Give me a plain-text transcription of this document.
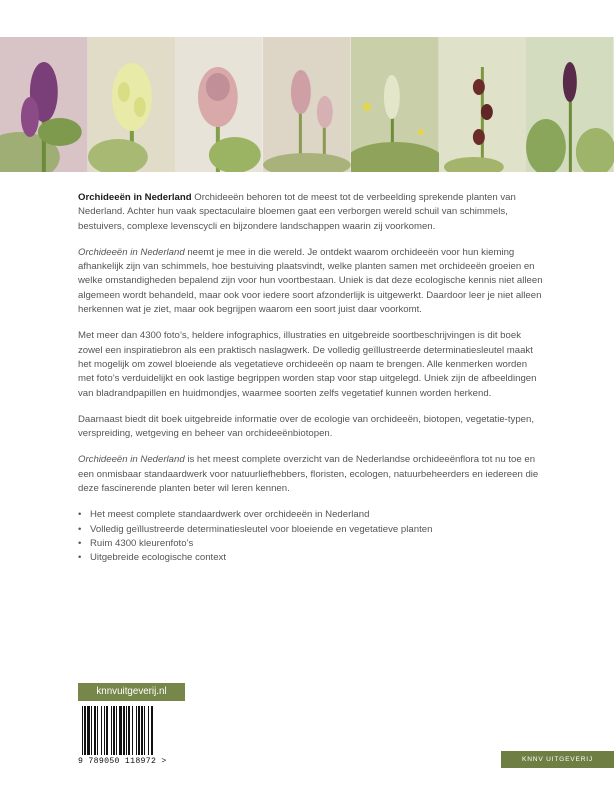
Orchideeën in Nederland Orchideeën behoren tot de meest tot de verbeelding sprekende planten van Nederland. Achter hun vaak spectaculaire bloemen gaat een verborgen wereld schuil van schimmels, bestuivers, complexe levenscycli en bijzondere landschappen waarin zij voorkomen.

Orchideeën in Nederland neemt je mee in die wereld. Je ontdekt waarom orchideeën voor hun kieming afhankelijk zijn van schimmels, hoe bestuiving plaatsvindt, welke planten samen met orchideeën groeien en welke omstandigheden bepalend zijn voor hun voortbestaan. Uniek is dat deze ecologische kennis niet alleen algemeen wordt behandeld, maar ook voor iedere soort afzonderlijk is uitgewerkt. Daardoor leer je niet alleen herkennen wat je ziet, maar ook begrijpen waarom een soort juist daar voorkomt.

Met meer dan 4300 foto’s, heldere infographics, illustraties en uitgebreide soortbeschrijvingen is dit boek zowel een inspiratiebron als een praktisch naslagwerk. De volledig geïllustreerde determinatiesleutel maakt het mogelijk om zowel bloeiende als vegetatieve orchideeën op naam te brengen. Alle kenmerken worden met foto’s verduidelijkt en ook lastige begrippen worden stap voor stap uitgelegd. Uniek zijn de afbeeldingen van bladrandpapillen en huidmondjes, waarmee soorten zelfs vegetatief kunnen worden herkend.

Daarnaast biedt dit boek uitgebreide informatie over de ecologie van orchideeën, biotopen, vegetatie-typen, verspreiding, wetgeving en beheer van orchideeënbiotopen.

Orchideeën in Nederland is het meest complete overzicht van de Nederlandse orchideeënflora tot nu toe en een onmisbaar standaardwerk voor natuurliefhebbers, floristen, ecologen, natuurbeheerders en iedereen die deze fascinerende planten beter wil leren kennen.

• Het meest complete standaardwerk over orchideeën in Nederland
• Volledig geïllustreerde determinatiesleutel voor bloeiende en vegetatieve planten
• Ruim 4300 kleurenfoto’s
• Uitgebreide ecologische context
knnvuitgeverij.nl
9 789050 118972 >	KNNV UITGEVERIJ
